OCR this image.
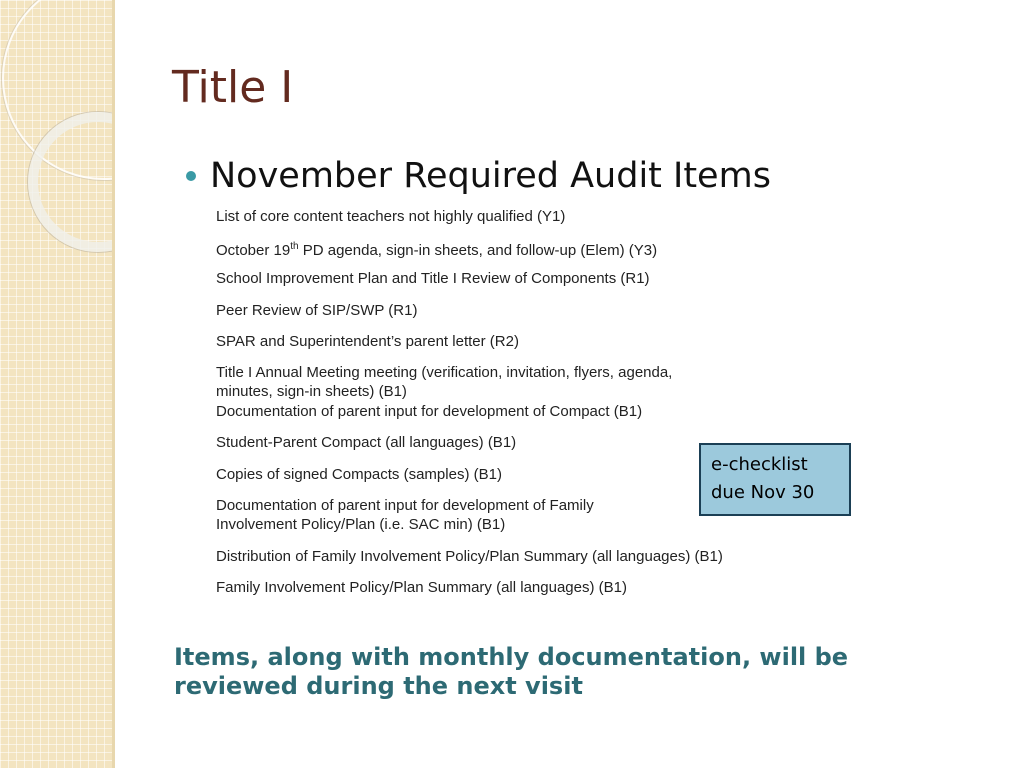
Title I
November Required Audit Items
List of core content teachers not highly qualified (Y1)
October 19th PD agenda, sign-in sheets, and follow-up (Elem) (Y3)
School Improvement Plan and Title I Review of Components (R1)
Peer Review of SIP/SWP (R1)
SPAR and Superintendent’s parent letter (R2)
Title I Annual Meeting meeting (verification, invitation, flyers, agenda,
minutes, sign-in sheets) (B1)
Documentation of parent input for development of Compact (B1)
Student-Parent Compact (all languages) (B1)
Copies of signed Compacts (samples) (B1)
Documentation of parent input for development of Family
Involvement Policy/Plan (i.e. SAC min) (B1)
Distribution of Family Involvement Policy/Plan Summary (all languages) (B1)
Family Involvement Policy/Plan Summary (all languages) (B1)
e-checklist
due Nov 30

Items, along with monthly documentation, will be reviewed during the next visit
